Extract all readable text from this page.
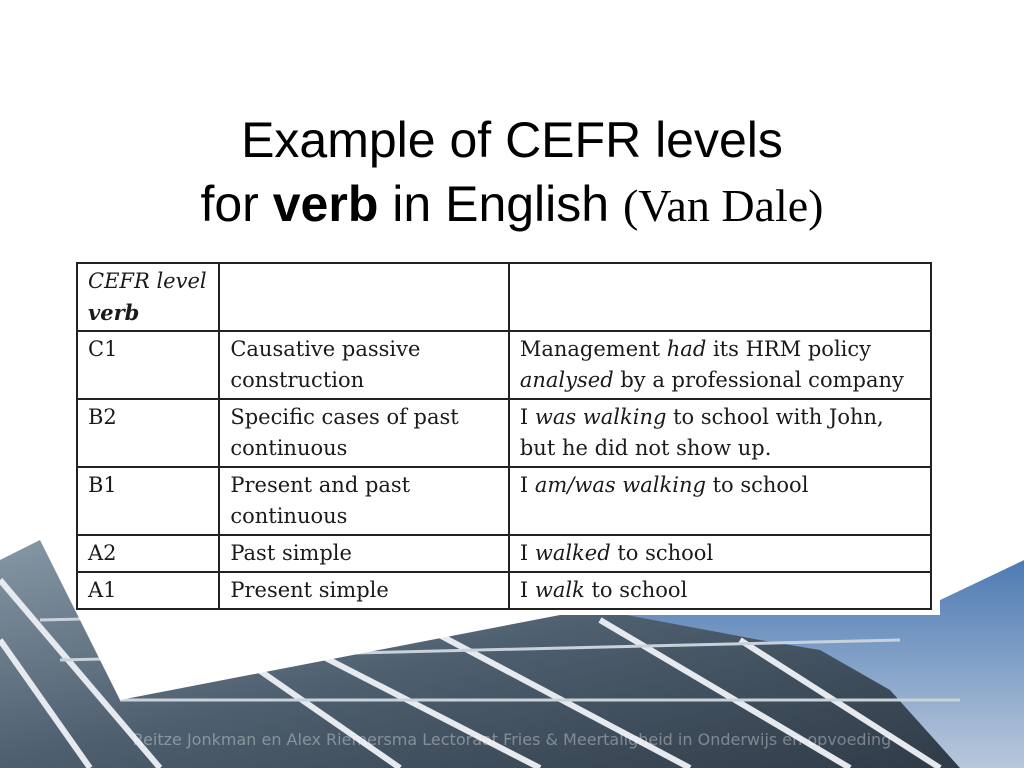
Example of CEFR levels
for verb in English (Van Dale)
CEFR level
verb		

C1	Causative passive construction	Management had its HRM policy analysed by a professional company
B2	Specific cases of past continuous	I was walking to school with John, but he did not show up.
B1	Present and past continuous	I am/was walking to school
A2	Past simple	I walked to school
A1	Present simple	I walk to school
Reitze Jonkman en Alex Riemersma Lectoraat Fries & Meertaligheid in Onderwijs en opvoeding
